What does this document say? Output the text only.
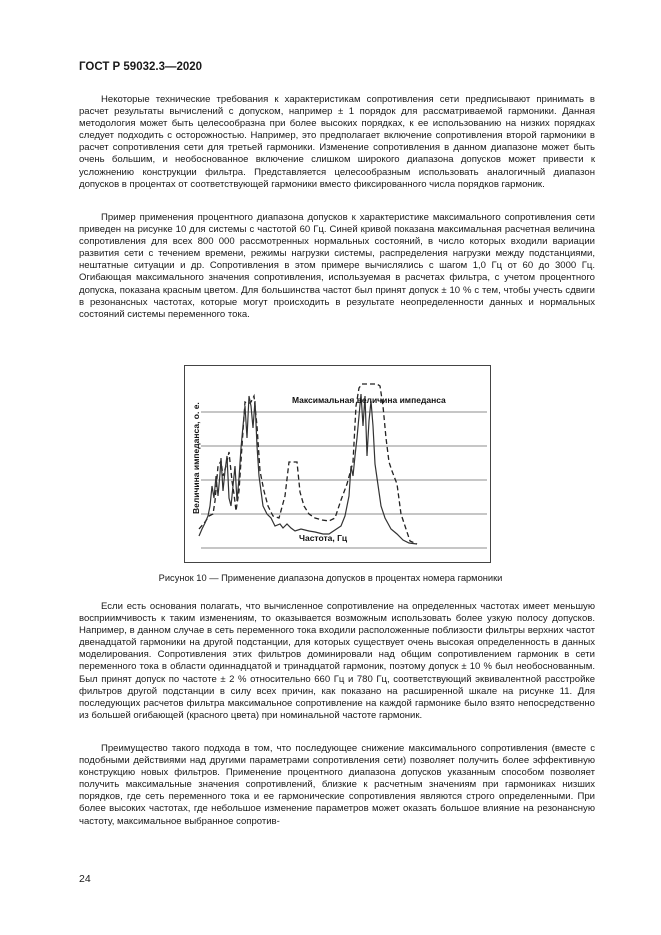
ГОСТ Р 59032.3—2020

Некоторые технические требования к характеристикам сопротивления сети предписывают принимать в расчет результаты вычислений с допуском, например ± 1 порядок для рассматриваемой гармоники. Данная методология может быть целесообразна при более высоких порядках, к ее использованию на низких порядках следует подходить с осторожностью. Например, это предполагает включение сопротивления второй гармоники в расчет сопротивления сети для третьей гармоники. Изменение сопротивления в данном диапазоне может быть очень большим, и необоснованное включение слишком широкого диапазона допусков может привести к усложнению конструкции фильтра. Представляется целесообразным использовать аналогичный диапазон допусков в процентах от соответствующей гармоники вместо фиксированного числа порядков гармоник.

Пример применения процентного диапазона допусков к характеристике максимального сопротивления сети приведен на рисунке 10 для системы с частотой 60 Гц. Синей кривой показана максимальная расчетная величина сопротивления для всех 800 000 рассмотренных нормальных состояний, в число которых входили вариации развития сети с течением времени, режимы нагрузки системы, распределения нагрузки между подстанциями, нештатные ситуации и др. Сопротивления в этом примере вычислялись с шагом 1,0 Гц от 60 до 3000 Гц. Огибающая максимального значения сопротивления, используемая в расчетах фильтра, с учетом процентного допуска, показана красным цветом. Для большинства частот был принят допуск ± 10 % с тем, чтобы учесть сдвиги в резонансных частотах, которые могут происходить в результате неопределенности данных и нормальных состояний системы переменного тока.

Величина импеданса, о. е.
Частота, Гц
Максимальная величина импеданса
Рисунок 10 — Применение диапазона допусков в процентах номера гармоники

Если есть основания полагать, что вычисленное сопротивление на определенных частотах имеет меньшую восприимчивость к таким изменениям, то оказывается возможным использовать более узкую полосу допусков. Например, в данном случае в сеть переменного тока входили расположенные поблизости фильтры верхних частот двенадцатой гармоники на другой подстанции, для которых существует очень высокая определенность в данных моделирования. Сопротивления этих фильтров доминировали над общим сопротивлением гармоник в сети переменного тока в области одиннадцатой и тринадцатой гармоник, поэтому допуск ± 10 % был необоснованным. Был принят допуск по частоте ± 2 % относительно 660 Гц и 780 Гц, соответствующий эквивалентной расстройке фильтров другой подстанции в силу всех причин, как показано на расширенной шкале на рисунке 11. Для последующих расчетов фильтра максимальное сопротивление на каждой гармонике было взято непосредственно из большей огибающей (красного цвета) при номинальной частоте гармоник.

Преимущество такого подхода в том, что последующее снижение максимального сопротивления (вместе с подобными действиями над другими параметрами сопротивления сети) позволяет получить более эффективную конструкцию новых фильтров. Применение процентного диапазона допусков указанным способом позволяет получить максимальные значения сопротивлений, близкие к расчетным значениям при гармониках низших порядков, где сеть переменного тока и ее гармонические сопротивления являются строго определенными. При более высоких частотах, где небольшое изменение параметров может оказать большое влияние на резонансную частоту, максимальное выбранное сопротив-

24
